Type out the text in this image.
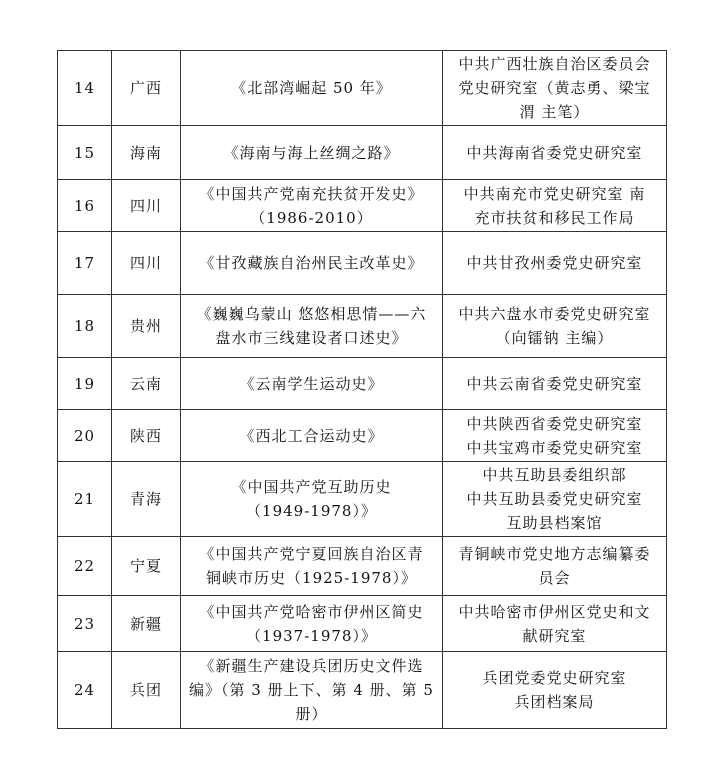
14	广西	《北部湾崛起 50 年》	中共广西壮族自治区委员会
党史研究室（黄志勇、梁宝
渭 主笔）

15	海南	《海南与海上丝绸之路》	中共海南省委党史研究室

16	四川	《中国共产党南充扶贫开发史》
（1986-2010）	中共南充市党史研究室 南
充市扶贫和移民工作局

17	四川	《甘孜藏族自治州民主改革史》	中共甘孜州委党史研究室

18	贵州	《巍巍乌蒙山 悠悠相思情——六
盘水市三线建设者口述史》	中共六盘水市委党史研究室
（向镭钠 主编）

19	云南	《云南学生运动史》	中共云南省委党史研究室

20	陕西	《西北工合运动史》	中共陕西省委党史研究室
中共宝鸡市委党史研究室

21	青海	《中国共产党互助历史
（1949-1978）》	中共互助县委组织部
中共互助县委党史研究室
互助县档案馆

22	宁夏	《中国共产党宁夏回族自治区青
铜峡市历史（1925-1978）》	青铜峡市党史地方志编纂委
员会

23	新疆	《中国共产党哈密市伊州区简史
（1937-1978）》	中共哈密市伊州区党史和文
献研究室

24	兵团	《新疆生产建设兵团历史文件选
编》（第 3 册上下、第 4 册、第 5
册）	兵团党委党史研究室
兵团档案局
